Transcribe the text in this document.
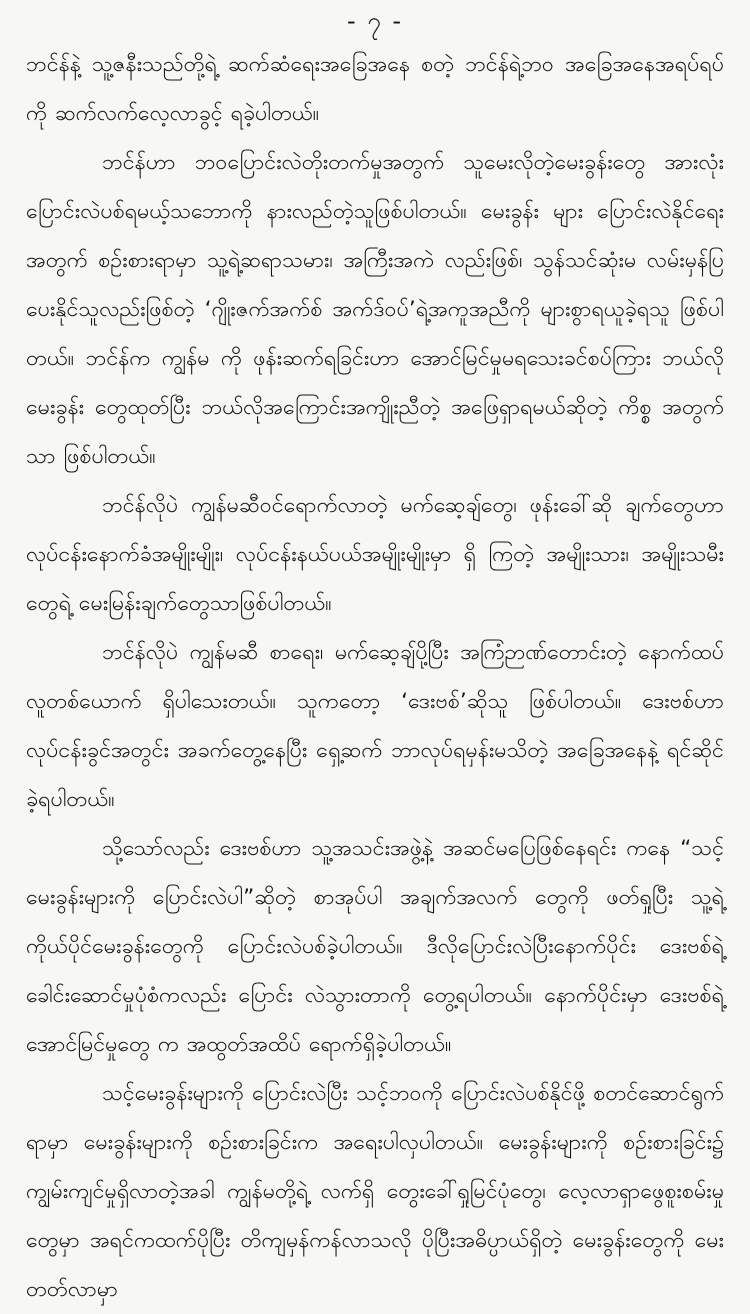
- ၇ -

ဘင်န်နဲ့ သူ့ဇနီးသည်တို့ရဲ့ ဆက်ဆံရေးအခြေအနေ စတဲ့ ဘင်န်ရဲ့ဘဝ အခြေအနေအရပ်ရပ်ကို ဆက်လက်လေ့လာခွင့် ရခဲ့ပါတယ်။

ဘင်န်ဟာ ဘဝပြောင်းလဲတိုးတက်မှုအတွက် သူမေးလိုတဲ့မေးခွန်းတွေ အားလုံး ပြောင်းလဲပစ်ရမယ့်သဘောကို နားလည်တဲ့သူဖြစ်ပါတယ်။ မေးခွန်း များ ပြောင်းလဲနိုင်ရေးအတွက် စဉ်းစားရာမှာ သူ့ရဲ့ဆရာသမား၊ အကြီးအကဲ လည်းဖြစ်၊ သွန်သင်ဆုံးမ လမ်းမှန်ပြပေးနိုင်သူလည်းဖြစ်တဲ့ ‘ဂျိုးဇက်အက်စ် အက်ဒ်ဝပ်’ရဲ့အကူအညီကို များစွာရယူခဲ့ရသူ ဖြစ်ပါတယ်။ ဘင်န်က ကျွန်မ ကို ဖုန်းဆက်ရခြင်းဟာ အောင်မြင်မှုမရသေးခင်စပ်ကြား ဘယ်လိုမေးခွန်း တွေထုတ်ပြီး ဘယ်လိုအကြောင်းအကျိုးညီတဲ့ အဖြေရှာရမယ်ဆိုတဲ့ ကိစ္စ အတွက်သာ ဖြစ်ပါတယ်။

ဘင်န်လိုပဲ ကျွန်မဆီဝင်ရောက်လာတဲ့ မက်ဆေ့ချ်တွေ၊ ဖုန်းခေါ်ဆို ချက်တွေဟာ လုပ်ငန်းနောက်ခံအမျိုးမျိုး၊ လုပ်ငန်းနယ်ပယ်အမျိုးမျိုးမှာ ရှိ ကြတဲ့ အမျိုးသား၊ အမျိုးသမီးတွေရဲ့ မေးမြန်းချက်တွေသာဖြစ်ပါတယ်။

ဘင်န်လိုပဲ ကျွန်မဆီ စာရေး၊ မက်ဆေ့ချ်ပို့ပြီး အကြံဉာဏ်တောင်းတဲ့ နောက်ထပ်လူတစ်ယောက် ရှိပါသေးတယ်။ သူကတော့ ‘ဒေးဗစ်’ဆိုသူ ဖြစ်ပါတယ်။ ဒေးဗစ်ဟာ လုပ်ငန်းခွင်အတွင်း အခက်တွေ့နေပြီး ရှေ့ဆက် ဘာလုပ်ရမှန်းမသိတဲ့ အခြေအနေနဲ့ ရင်ဆိုင်ခဲ့ရပါတယ်။

သို့သော်လည်း ဒေးဗစ်ဟာ သူ့အသင်းအဖွဲ့နဲ့ အဆင်မပြေဖြစ်နေရင်း ကနေ “သင့်မေးခွန်းများကို ပြောင်းလဲပါ”ဆိုတဲ့ စာအုပ်ပါ အချက်အလက် တွေကို ဖတ်ရှုပြီး သူ့ရဲ့ကိုယ်ပိုင်မေးခွန်းတွေကို ပြောင်းလဲပစ်ခဲ့ပါတယ်။ ဒီလိုပြောင်းလဲပြီးနောက်ပိုင်း ဒေးဗစ်ရဲ့ခေါင်းဆောင်မှုပုံစံကလည်း ပြောင်း လဲသွားတာကို တွေ့ရပါတယ်။ နောက်ပိုင်းမှာ ဒေးဗစ်ရဲ့အောင်မြင်မှုတွေ က အထွတ်အထိပ် ရောက်ရှိခဲ့ပါတယ်။

သင့်မေးခွန်းများကို ပြောင်းလဲပြီး သင့်ဘဝကို ပြောင်းလဲပစ်နိုင်ဖို့ စတင်ဆောင်ရွက်ရာမှာ မေးခွန်းများကို စဉ်းစားခြင်းက အရေးပါလှပါတယ်။ မေးခွန်းများကို စဉ်းစားခြင်း၌ ကျွမ်းကျင်မှုရှိလာတဲ့အခါ ကျွန်မတို့ရဲ့ လက်ရှိ တွေးခေါ်ရှုမြင်ပုံတွေ၊ လေ့လာရှာဖွေစူးစမ်းမှုတွေမှာ အရင်ကထက်ပိုပြီး တိကျမှန်ကန်လာသလို ပိုပြီးအဓိပ္ပာယ်ရှိတဲ့ မေးခွန်းတွေကို မေးတတ်လာမှာ
